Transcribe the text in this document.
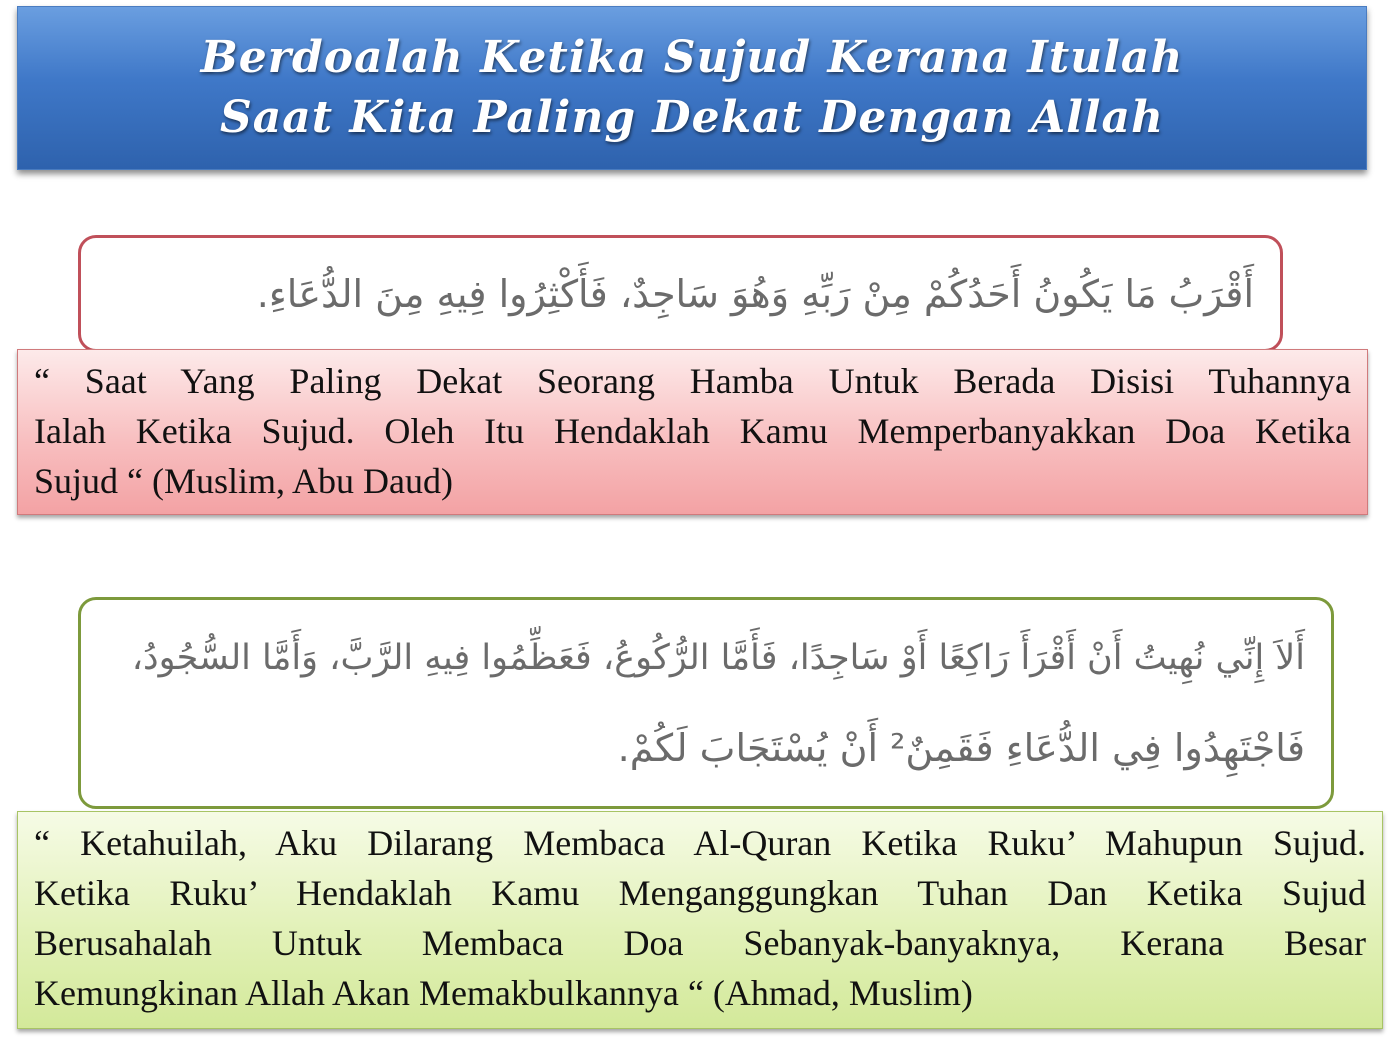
Berdoalah Ketika Sujud Kerana Itulah
Saat Kita Paling Dekat Dengan Allah
أَقْرَبُ مَا يَكُونُ أَحَدُكُمْ مِنْ رَبِّهِ وَهُوَ سَاجِدٌ، فَأَكْثِرُوا فِيهِ مِنَ الدُّعَاءِ.
“ Saat Yang Paling Dekat Seorang Hamba Untuk Berada Disisi Tuhannya
Ialah Ketika Sujud. Oleh Itu Hendaklah Kamu Memperbanyakkan Doa Ketika
Sujud “ (Muslim, Abu Daud)
أَلاَ إِنِّي نُهِيتُ أَنْ أَقْرَأَ رَاكِعًا أَوْ سَاجِدًا، فَأَمَّا الرُّكُوعُ، فَعَظِّمُوا فِيهِ الرَّبَّ، وَأَمَّا السُّجُودُ،
فَاجْتَهِدُوا فِي الدُّعَاءِ فَقَمِنٌ² أَنْ يُسْتَجَابَ لَكُمْ.
“ Ketahuilah, Aku Dilarang Membaca Al-Quran Ketika Ruku’ Mahupun Sujud.
Ketika Ruku’ Hendaklah Kamu Menganggungkan Tuhan Dan Ketika Sujud
Berusahalah Untuk Membaca Doa Sebanyak-banyaknya, Kerana Besar
Kemungkinan Allah Akan Memakbulkannya “ (Ahmad, Muslim)
